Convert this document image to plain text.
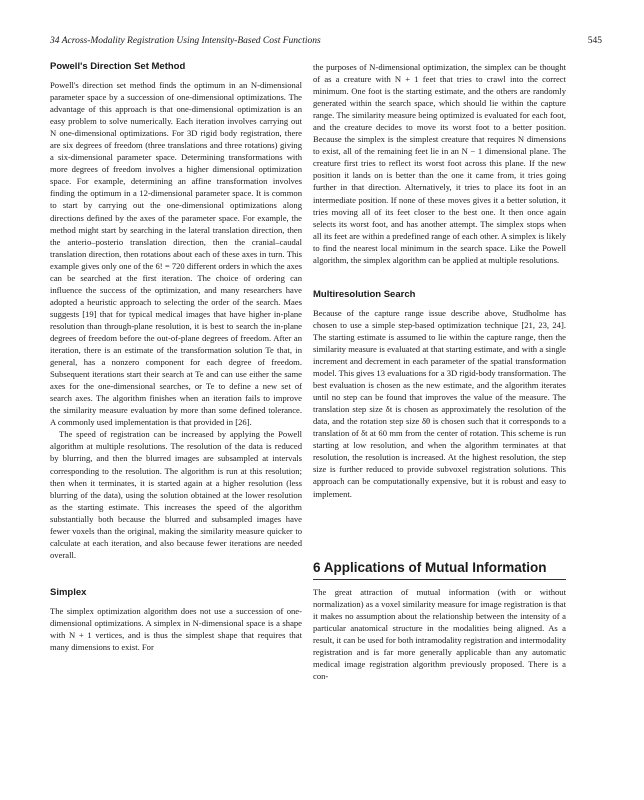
34 Across-Modality Registration Using Intensity-Based Cost Functions	545
Powell's Direction Set Method

Powell's direction set method finds the optimum in an N-dimensional parameter space by a succession of one-dimensional optimizations. The advantage of this approach is that one-dimensional optimization is an easy problem to solve numerically. Each iteration involves carrying out N one-dimensional optimizations. For 3D rigid body registration, there are six degrees of freedom (three translations and three rotations) giving a six-dimensional parameter space. Determining transformations with more degrees of freedom involves a higher dimensional optimization space. For example, determining an affine transformation involves finding the optimum in a 12-dimensional parameter space. It is common to start by carrying out the one-dimensional optimizations along directions defined by the axes of the parameter space. For example, the method might start by searching in the lateral translation direction, then the anterio–posterio translation direction, then the cranial–caudal translation direction, then rotations about each of these axes in turn. This example gives only one of the 6! = 720 different orders in which the axes can be searched at the first iteration. The choice of ordering can influence the success of the optimization, and many researchers have adopted a heuristic approach to selecting the order of the search. Maes suggests [19] that for typical medical images that have higher in-plane resolution than through-plane resolution, it is best to search the in-plane degrees of freedom before the out-of-plane degrees of freedom. After an iteration, there is an estimate of the transformation solution Te that, in general, has a nonzero component for each degree of freedom. Subsequent iterations start their search at Te and can use either the same axes for the one-dimensional searches, or Te to define a new set of search axes. The algorithm finishes when an iteration fails to improve the similarity measure evaluation by more than some defined tolerance. A commonly used implementation is that provided in [26].

The speed of registration can be increased by applying the Powell algorithm at multiple resolutions. The resolution of the data is reduced by blurring, and then the blurred images are subsampled at intervals corresponding to the resolution. The algorithm is run at this resolution; then when it terminates, it is started again at a higher resolution (less blurring of the data), using the solution obtained at the lower resolution as the starting estimate. This increases the speed of the algorithm substantially both because the blurred and subsampled images have fewer voxels than the original, making the similarity measure quicker to calculate at each iteration, and also because fewer iterations are needed overall.

Simplex

The simplex optimization algorithm does not use a succession of one-dimensional optimizations. A simplex in N-dimensional space is a shape with N + 1 vertices, and is thus the simplest shape that requires that many dimensions to exist. For

the purposes of N-dimensional optimization, the simplex can be thought of as a creature with N + 1 feet that tries to crawl into the correct minimum. One foot is the starting estimate, and the others are randomly generated within the search space, which should lie within the capture range. The similarity measure being optimized is evaluated for each foot, and the creature decides to move its worst foot to a better position. Because the simplex is the simplest creature that requires N dimensions to exist, all of the remaining feet lie in an N − 1 dimensional plane. The creature first tries to reflect its worst foot across this plane. If the new position it lands on is better than the one it came from, it tries going further in that direction. Alternatively, it tries to place its foot in an intermediate position. If none of these moves gives it a better solution, it tries moving all of its feet closer to the best one. It then once again selects its worst foot, and has another attempt. The simplex stops when all its feet are within a predefined range of each other. A simplex is likely to find the nearest local minimum in the search space. Like the Powell algorithm, the simplex algorithm can be applied at multiple resolutions.

Multiresolution Search

Because of the capture range issue describe above, Studholme has chosen to use a simple step-based optimization technique [21, 23, 24]. The starting estimate is assumed to lie within the capture range, then the similarity measure is evaluated at that starting estimate, and with a single increment and decrement in each parameter of the spatial transformation model. This gives 13 evaluations for a 3D rigid-body transformation. The best evaluation is chosen as the new estimate, and the algorithm iterates until no step can be found that improves the value of the measure. The translation step size δt is chosen as approximately the resolution of the data, and the rotation step size δθ is chosen such that it corresponds to a translation of δt at 60 mm from the center of rotation. This scheme is run starting at low resolution, and when the algorithm terminates at that resolution, the resolution is increased. At the highest resolution, the step size is further reduced to provide subvoxel registration solutions. This approach can be computationally expensive, but it is robust and easy to implement.

6 Applications of Mutual Information

The great attraction of mutual information (with or without normalization) as a voxel similarity measure for image registration is that it makes no assumption about the relationship between the intensity of a particular anatomical structure in the modalities being aligned. As a result, it can be used for both intramodality registration and intermodality registration and is far more generally applicable than any automatic medical image registration algorithm previously proposed. There is a con-
